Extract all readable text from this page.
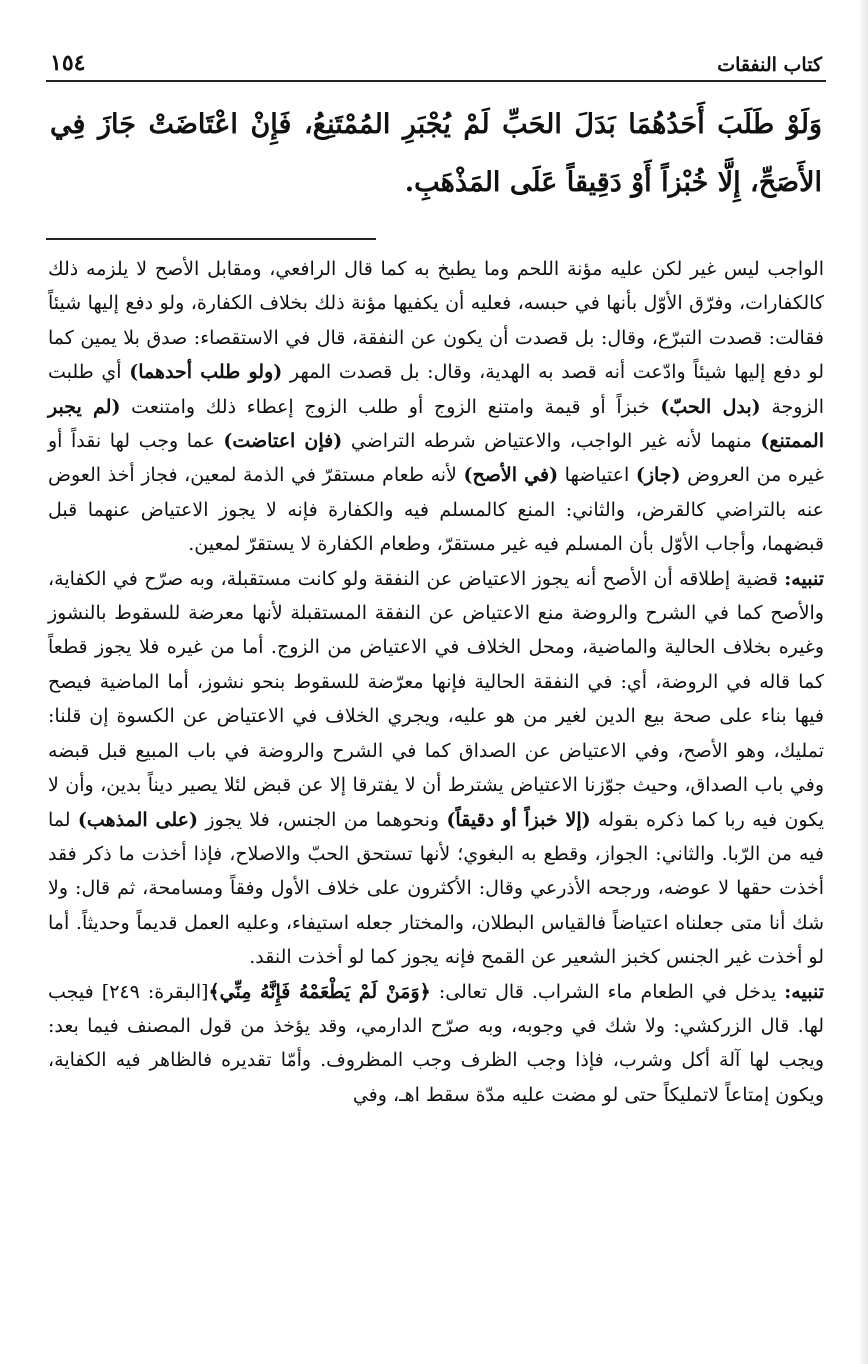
كتاب النفقات
١٥٤
وَلَوْ طَلَبَ أَحَدُهُمَا بَدَلَ الحَبِّ لَمْ يُجْبَرِ المُمْتَنِعُ، فَإِنْ اعْتَاضَتْ جَازَ فِي الأَصَحِّ، إِلَّا خُبْزاً أَوْ دَقِيقاً عَلَى المَذْهَبِ.

الواجب ليس غير لكن عليه مؤنة اللحم وما يطبخ به كما قال الرافعي، ومقابل الأصح لا يلزمه ذلك كالكفارات، وفرّق الأوّل بأنها في حبسه، فعليه أن يكفيها مؤنة ذلك بخلاف الكفارة، ولو دفع إليها شيئاً فقالت: قصدت التبرّع، وقال: بل قصدت أن يكون عن النفقة، قال في الاستقصاء: صدق بلا يمين كما لو دفع إليها شيئاً وادّعت أنه قصد به الهدية، وقال: بل قصدت المهر (ولو طلب أحدهما) أي طلبت الزوجة (بدل الحبّ) خبزاً أو قيمة وامتنع الزوج أو طلب الزوج إعطاء ذلك وامتنعت (لم يجبر الممتنع) منهما لأنه غير الواجب، والاعتياض شرطه التراضي (فإن اعتاضت) عما وجب لها نقداً أو غيره من العروض (جاز) اعتياضها (في الأصح) لأنه طعام مستقرّ في الذمة لمعين، فجاز أخذ العوض عنه بالتراضي كالقرض، والثاني: المنع كالمسلم فيه والكفارة فإنه لا يجوز الاعتياض عنهما قبل قبضهما، وأجاب الأوّل بأن المسلم فيه غير مستقرّ، وطعام الكفارة لا يستقرّ لمعين.

تنبيه: قضية إطلاقه أن الأصح أنه يجوز الاعتياض عن النفقة ولو كانت مستقبلة، وبه صرّح في الكفاية، والأصح كما في الشرح والروضة منع الاعتياض عن النفقة المستقبلة لأنها معرضة للسقوط بالنشوز وغيره بخلاف الحالية والماضية، ومحل الخلاف في الاعتياض من الزوج. أما من غيره فلا يجوز قطعاً كما قاله في الروضة، أي: في النفقة الحالية فإنها معرّضة للسقوط بنحو نشوز، أما الماضية فيصح فيها بناء على صحة بيع الدين لغير من هو عليه، ويجري الخلاف في الاعتياض عن الكسوة إن قلنا: تمليك، وهو الأصح، وفي الاعتياض عن الصداق كما في الشرح والروضة في باب المبيع قبل قبضه وفي باب الصداق، وحيث جوّزنا الاعتياض يشترط أن لا يفترقا إلا عن قبض لئلا يصير ديناً بدين، وأن لا يكون فيه ربا كما ذكره بقوله (إلا خبزاً أو دقيقاً) ونحوهما من الجنس، فلا يجوز (على المذهب) لما فيه من الرّبا. والثاني: الجواز، وقطع به البغوي؛ لأنها تستحق الحبّ والاصلاح، فإذا أخذت ما ذكر فقد أخذت حقها لا عوضه، ورجحه الأذرعي وقال: الأكثرون على خلاف الأول وفقاً ومسامحة، ثم قال: ولا شك أنا متى جعلناه اعتياضاً فالقياس البطلان، والمختار جعله استيفاء، وعليه العمل قديماً وحديثاً. أما لو أخذت غير الجنس كخبز الشعير عن القمح فإنه يجوز كما لو أخذت النقد.

تنبيه: يدخل في الطعام ماء الشراب. قال تعالى: ﴿وَمَنْ لَمْ يَطْعَمْهُ فَإِنَّهُ مِنِّي﴾[البقرة: ٢٤٩] فيجب لها. قال الزركشي: ولا شك في وجوبه، وبه صرّح الدارمي، وقد يؤخذ من قول المصنف فيما بعد: ويجب لها آلة أكل وشرب، فإذا وجب الظرف وجب المظروف. وأمّا تقديره فالظاهر فيه الكفاية، ويكون إمتاعاً لاتمليكاً حتى لو مضت عليه مدّة سقط اهـ، وفي
